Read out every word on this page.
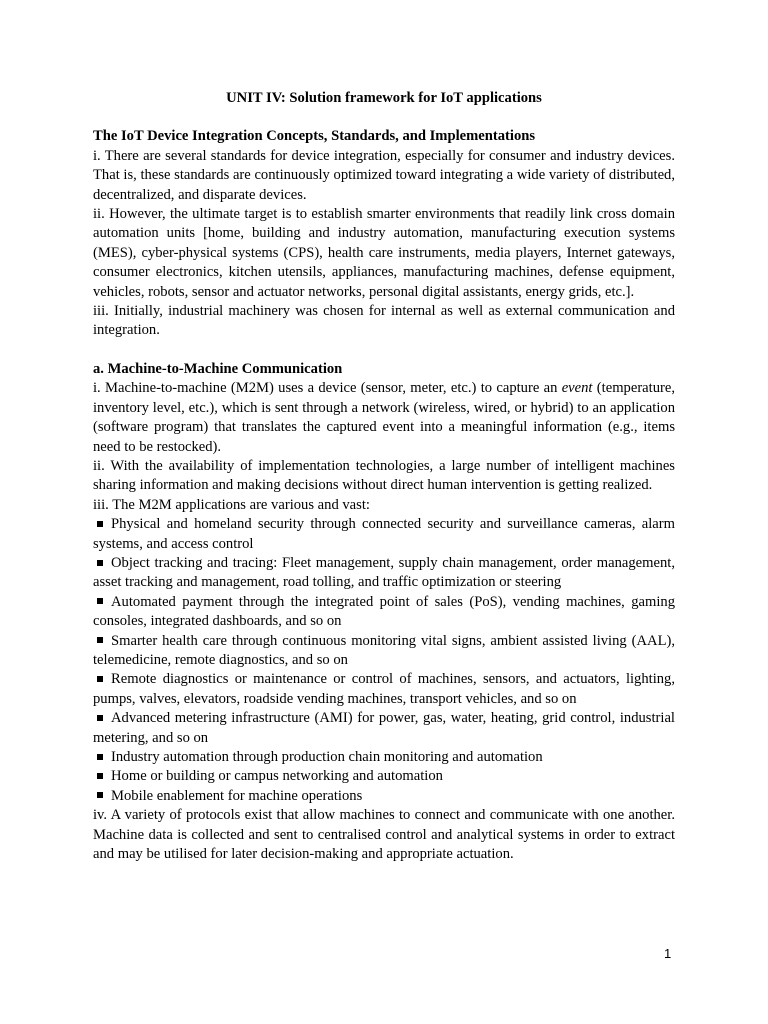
UNIT IV: Solution framework for IoT applications

The IoT Device Integration Concepts, Standards, and Implementations

i. There are several standards for device integration, especially for consumer and industry devices. That is, these standards are continuously optimized toward integrating a wide variety of distributed, decentralized, and disparate devices.

ii. However, the ultimate target is to establish smarter environments that readily link cross domain automation units [home, building and industry automation, manufacturing execution systems (MES), cyber-physical systems (CPS), health care instruments, media players, Internet gateways, consumer electronics, kitchen utensils, appliances, manufacturing machines, defense equipment, vehicles, robots, sensor and actuator networks, personal digital assistants, energy grids, etc.].

iii. Initially, industrial machinery was chosen for internal as well as external communication and integration.

a. Machine-to-Machine Communication

i. Machine-to-machine (M2M) uses a device (sensor, meter, etc.) to capture an event (temperature, inventory level, etc.), which is sent through a network (wireless, wired, or hybrid) to an application (software program) that translates the captured event into a meaningful information (e.g., items need to be restocked).

ii. With the availability of implementation technologies, a large number of intelligent machines sharing information and making decisions without direct human intervention is getting realized.

iii. The M2M applications are various and vast:

Physical and homeland security through connected security and surveillance cameras, alarm systems, and access control

Object tracking and tracing: Fleet management, supply chain management, order management, asset tracking and management, road tolling, and traffic optimization or steering

Automated payment through the integrated point of sales (PoS), vending machines, gaming consoles, integrated dashboards, and so on

Smarter health care through continuous monitoring vital signs, ambient assisted living (AAL), telemedicine, remote diagnostics, and so on

Remote diagnostics or maintenance or control of machines, sensors, and actuators, lighting, pumps, valves, elevators, roadside vending machines, transport vehicles, and so on

Advanced metering infrastructure (AMI) for power, gas, water, heating, grid control, industrial metering, and so on

Industry automation through production chain monitoring and automation

Home or building or campus networking and automation

Mobile enablement for machine operations

iv. A variety of protocols exist that allow machines to connect and communicate with one another. Machine data is collected and sent to centralised control and analytical systems in order to extract and may be utilised for later decision-making and appropriate actuation.

1
